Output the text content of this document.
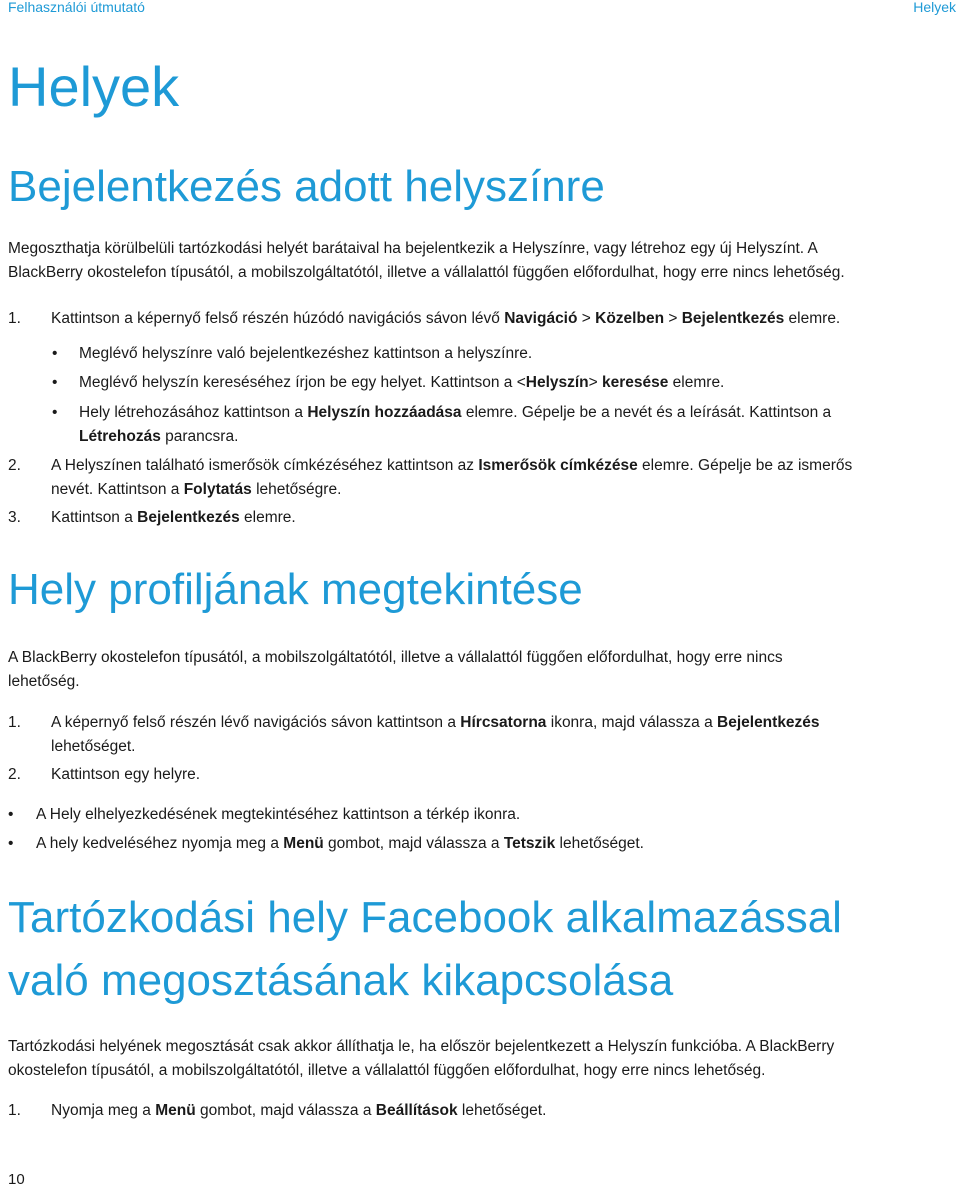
Felhasználói útmutató	Helyek
Helyek
Bejelentkezés adott helyszínre

Megoszthatja körülbelüli tartózkodási helyét barátaival ha bejelentkezik a Helyszínre, vagy létrehoz egy új Helyszínt. A
BlackBerry okostelefon típusától, a mobilszolgáltatótól, illetve a vállalattól függően előfordulhat, hogy erre nincs lehetőség.

1. Kattintson a képernyő felső részén húzódó navigációs sávon lévő Navigáció > Közelben > Bejelentkezés elemre.
• Meglévő helyszínre való bejelentkezéshez kattintson a helyszínre.
• Meglévő helyszín kereséséhez írjon be egy helyet. Kattintson a <Helyszín> keresése elemre.
• Hely létrehozásához kattintson a Helyszín hozzáadása elemre. Gépelje be a nevét és a leírását. Kattintson a
Létrehozás parancsra.
2. A Helyszínen található ismerősök címkézéséhez kattintson az Ismerősök címkézése elemre. Gépelje be az ismerős
nevét. Kattintson a Folytatás lehetőségre.
3. Kattintson a Bejelentkezés elemre.
Hely profiljának megtekintése

A BlackBerry okostelefon típusától, a mobilszolgáltatótól, illetve a vállalattól függően előfordulhat, hogy erre nincs
lehetőség.

1. A képernyő felső részén lévő navigációs sávon kattintson a Hírcsatorna ikonra, majd válassza a Bejelentkezés
lehetőséget.
2. Kattintson egy helyre.
• A Hely elhelyezkedésének megtekintéséhez kattintson a térkép ikonra.
• A hely kedveléséhez nyomja meg a Menü gombot, majd válassza a Tetszik lehetőséget.
Tartózkodási hely Facebook alkalmazással
való megosztásának kikapcsolása

Tartózkodási helyének megosztását csak akkor állíthatja le, ha először bejelentkezett a Helyszín funkcióba. A BlackBerry
okostelefon típusától, a mobilszolgáltatótól, illetve a vállalattól függően előfordulhat, hogy erre nincs lehetőség.

1. Nyomja meg a Menü gombot, majd válassza a Beállítások lehetőséget.
10
